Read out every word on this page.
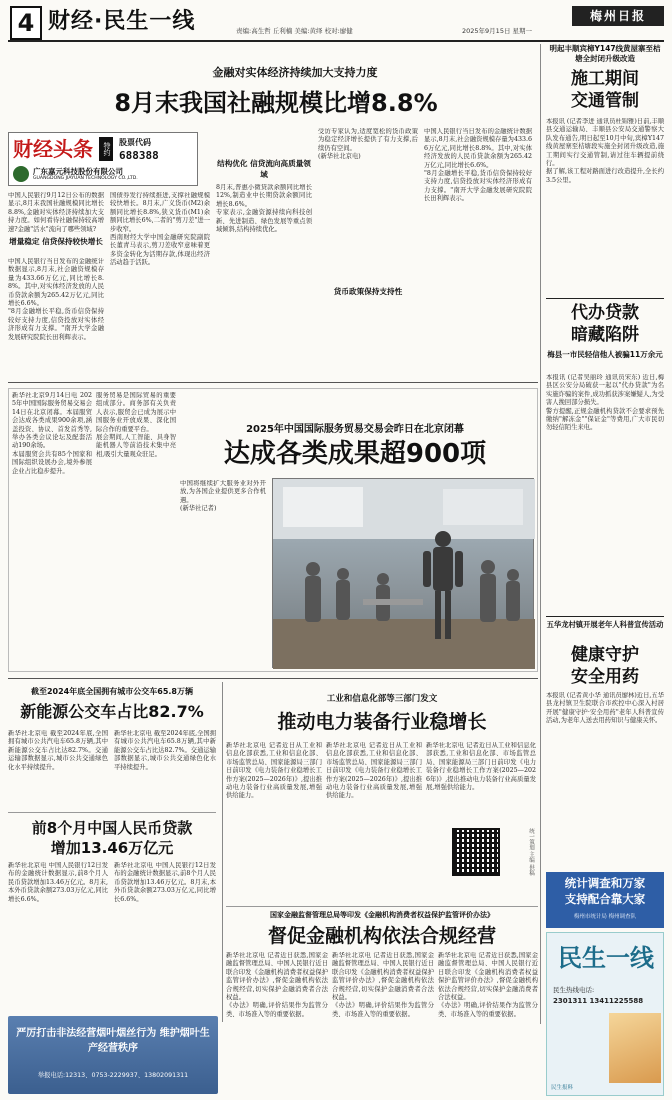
4 财经·民生一线	责编:高生哲 丘利楠 美编:黄绎 校对:廖健	2025年9月15日 星期一
梅州日报
金融对实体经济持续加大支持力度
8月末我国社融规模比增8.8%
财经头条	特约 股票代码
688388
广东嘉元科技股份有限公司
GUANGDONG JIAYUAN TECHNOLOGY CO.,LTD.
中国人民银行9月12日公布的数据显示,8月末我国社融规模同比增长8.8%,金融对实体经济持续加大支持力度。如何看待社融保持较高增速?金融"活水"流向了哪些领域?
增量稳定 信贷保持较快增长
中国人民银行当日发布的金融统计数据显示,8月末,社会融资规模存量为433.66万亿元,同比增长8.8%。其中,对实体经济发放的人民币贷款余额为265.42万亿元,同比增长6.6%。
"8月金融增长平稳,货币信贷保持较好支持力度,信贷投放对实体经济形成有力支撑。"南开大学金融发展研究院院长田利辉表示。
国债券发行持续推进,支撑社融规模较快增长。8月末,广义货币(M2)余额同比增长8.8%,狭义货币(M1)余额同比增长6%,二者的"剪刀差"进一步收窄。
西南财经大学中国金融研究院副院长董青马表示,剪刀差收窄意味着更多资金转化为活期存款,体现出经济活动趋于活跃。
结构优化 信贷流向高质量领域
8月末,普惠小微贷款余额同比增长12%,制造业中长期贷款余额同比增长8.6%。
专家表示,金融资源持续向科技创新、先进制造、绿色发展等重点领域倾斜,结构持续优化。
受访专家认为,适度宽松的货币政策为稳定经济增长提供了有力支撑,后续仍有空间。
(新华社北京电)
货币政策保持支持性
中国人民银行当日发布的金融统计数据显示,8月末,社会融资规模存量为433.66万亿元,同比增长8.8%。其中,对实体经济发放的人民币贷款余额为265.42万亿元,同比增长6.6%。
"8月金融增长平稳,货币信贷保持较好支持力度,信贷投放对实体经济形成有力支撑。"南开大学金融发展研究院院长田利辉表示。
明起丰顺宾樟Y147线黄屋寨至桔塘全封闭升级改造
施工期间
交通管制
本报讯 (记者李进 通讯员杜锦雅)日前,丰顺县交通运输局、丰顺县公安局交通警察大队发布通告,明日起至10月中旬,宾樟Y147线黄屋寨至桔塘段实施全封闭升级改造,施工期间实行交通管制,请过往车辆提前绕行。
据了解,该工程对路面进行改造提升,全长约3.5公里。
代办贷款
暗藏陷阱
梅县一市民轻信他人被骗11万余元
本报讯 (记者吴丽玲 通讯员宋东) 近日,梅县区公安分局破获一起以"代办贷款"为名实施诈骗的案件,成功抓获涉案嫌疑人,为受害人挽回部分损失。
警方提醒,正规金融机构贷款不会要求预先缴纳"解冻金""保证金"等费用,广大市民切勿轻信陌生来电。
五华龙村镇开展老年人科普宣传活动
健康守护
安全用药
本报讯 (记者黄小华 通讯员廖林)近日,五华县龙村镇卫生院联合市疾控中心深入村居开展"健康守护·安全用药"老年人科普宣传活动,为老年人送去用药知识与健康关怀。
2025年中国国际服务贸易交易会昨日在北京闭幕
达成各类成果超900项
新华社北京9月14日电 2025年中国国际服务贸易交易会14日在北京闭幕。本届服贸会达成各类成果900余项,涵盖投资、协议、首发首秀等,举办各类会议论坛及配套活动190余场。
本届服贸会共有85个国家和国际组织设展办会,境外参展企业占比稳步提升。
服务贸易是国际贸易的重要组成部分。商务部有关负责人表示,服贸会已成为展示中国服务业开放成果、深化国际合作的重要平台。
展会期间,人工智能、具身智能机器人等前沿技术集中亮相,吸引大量观众驻足。
中国将继续扩大服务业对外开放,为各国企业提供更多合作机遇。
(新华社记者)
截至2024年底全国拥有城市公交车65.8万辆
新能源公交车占比82.7%
新华社北京电 截至2024年底,全国拥有城市公共汽电车65.8万辆,其中新能源公交车占比达82.7%。交通运输部数据显示,城市公共交通绿色化水平持续提升。
新华社北京电 截至2024年底,全国拥有城市公共汽电车65.8万辆,其中新能源公交车占比达82.7%。交通运输部数据显示,城市公共交通绿色化水平持续提升。
前8个月中国人民币贷款
增加13.46万亿元
新华社北京电 中国人民银行12日发布的金融统计数据显示,前8个月人民币贷款增加13.46万亿元。8月末,本外币贷款余额273.03万亿元,同比增长6.6%。
新华社北京电 中国人民银行12日发布的金融统计数据显示,前8个月人民币贷款增加13.46万亿元。8月末,本外币贷款余额273.03万亿元,同比增长6.6%。
工业和信息化部等三部门发文
推动电力装备行业稳增长
新华社北京电 记者近日从工业和信息化部获悉,工业和信息化部、市场监管总局、国家能源局三部门日前印发《电力装备行业稳增长工作方案(2025—2026年)》,提出推动电力装备行业高质量发展,增强供给能力。
新华社北京电 记者近日从工业和信息化部获悉,工业和信息化部、市场监管总局、国家能源局三部门日前印发《电力装备行业稳增长工作方案(2025—2026年)》,提出推动电力装备行业高质量发展,增强供给能力。
新华社北京电 记者近日从工业和信息化部获悉,工业和信息化部、市场监管总局、国家能源局三部门日前印发《电力装备行业稳增长工作方案(2025—2026年)》,提出推动电力装备行业高质量发展,增强供给能力。
统一策划 主编 供稿
国家金融监督管理总局等印发《金融机构消费者权益保护监管评价办法》
督促金融机构依法合规经营
新华社北京电 记者近日获悉,国家金融监督管理总局、中国人民银行近日联合印发《金融机构消费者权益保护监管评价办法》,督促金融机构依法合规经营,切实保护金融消费者合法权益。
《办法》明确,评价结果作为监管分类、市场准入等的重要依据。
新华社北京电 记者近日获悉,国家金融监督管理总局、中国人民银行近日联合印发《金融机构消费者权益保护监管评价办法》,督促金融机构依法合规经营,切实保护金融消费者合法权益。
《办法》明确,评价结果作为监管分类、市场准入等的重要依据。
新华社北京电 记者近日获悉,国家金融监督管理总局、中国人民银行近日联合印发《金融机构消费者权益保护监管评价办法》,督促金融机构依法合规经营,切实保护金融消费者合法权益。
《办法》明确,评价结果作为监管分类、市场准入等的重要依据。
严厉打击非法经营烟叶烟丝行为 维护烟叶生产经营秩序
举报电话:12313、0753-2229937、13802091311
统计调查和万家
支持配合靠大家
梅州市统计局 梅州调查队
民生一线
民生热线电话:
2301311 13411225588
民生报料
